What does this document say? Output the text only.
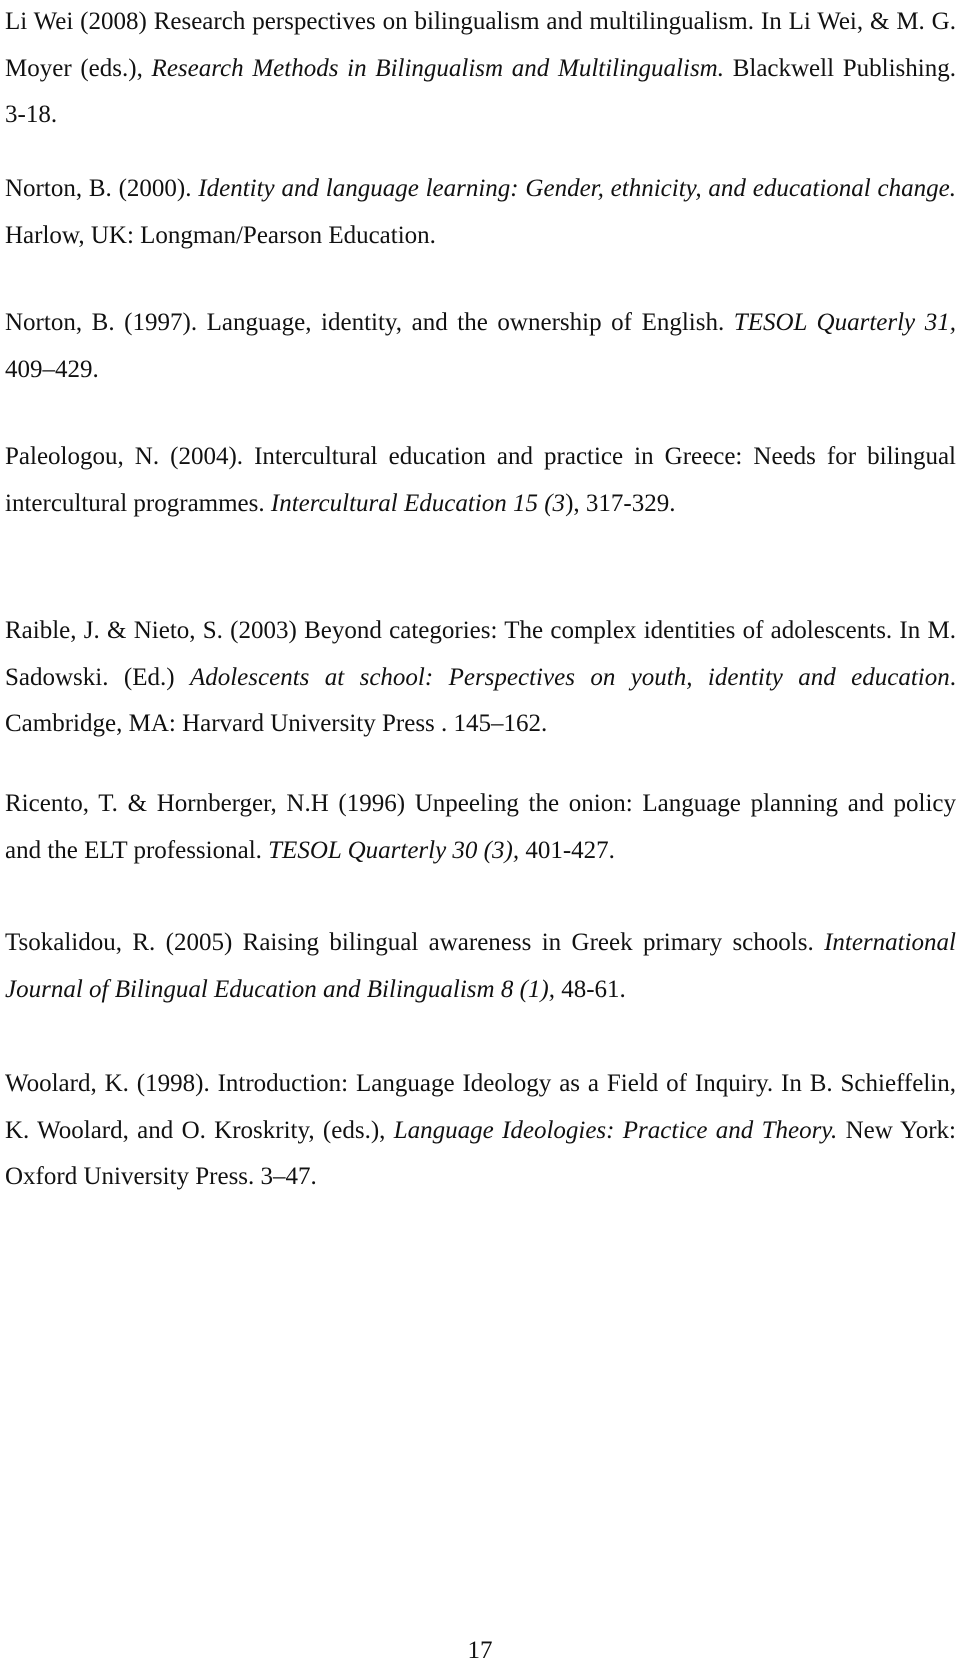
Li Wei (2008) Research perspectives on bilingualism and multilingualism. In Li Wei, & M. G. Moyer (eds.), Research Methods in Bilingualism and Multilingualism. Blackwell Publishing. 3-18.

Norton, B. (2000). Identity and language learning: Gender, ethnicity, and educational change. Harlow, UK: Longman/Pearson Education.

Norton, B. (1997). Language, identity, and the ownership of English. TESOL Quarterly 31, 409–429.

Paleologou, N. (2004). Intercultural education and practice in Greece: Needs for bilingual intercultural programmes. Intercultural Education 15 (3), 317-329.

Raible, J. & Nieto, S. (2003) Beyond categories: The complex identities of adolescents. In M. Sadowski. (Ed.) Adolescents at school: Perspectives on youth, identity and education. Cambridge, MA: Harvard University Press . 145–162.

Ricento, T. & Hornberger, N.H (1996) Unpeeling the onion: Language planning and policy and the ELT professional. TESOL Quarterly 30 (3), 401-427.

Tsokalidou, R. (2005) Raising bilingual awareness in Greek primary schools. International Journal of Bilingual Education and Bilingualism 8 (1), 48-61.

Woolard, K. (1998). Introduction: Language Ideology as a Field of Inquiry. In B. Schieffelin, K. Woolard, and O. Kroskrity, (eds.), Language Ideologies: Practice and Theory. New York: Oxford University Press. 3–47.

17
